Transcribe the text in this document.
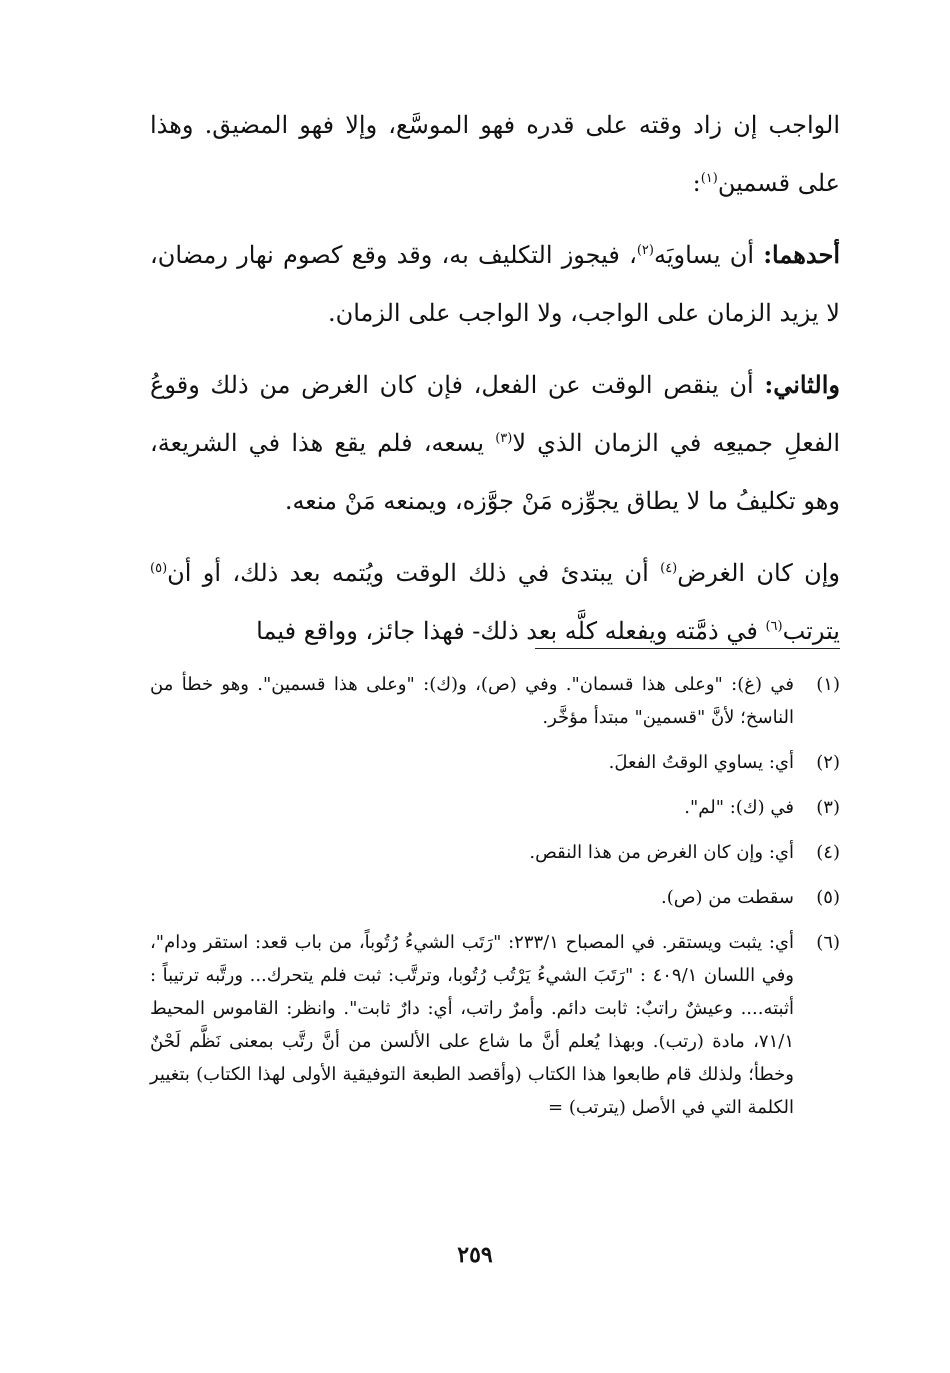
الواجب إن زاد وقته على قدره فهو الموسَّع، وإلا فهو المضيق. وهذا على قسمين$^{(١)}$:

أحدهما: أن يساويَه$^{(٢)}$، فيجوز التكليف به، وقد وقع كصوم نهار رمضان، لا يزيد الزمان على الواجب، ولا الواجب على الزمان.

والثاني: أن ينقص الوقت عن الفعل، فإن كان الغرض من ذلك وقوعُ الفعلِ جميعِه في الزمان الذي لا$^{(٣)}$ يسعه، فلم يقع هذا في الشريعة، وهو تكليفُ ما لا يطاق يجوِّزه مَنْ جوَّزه، ويمنعه مَنْ منعه.

وإن كان الغرض$^{(٤)}$ أن يبتدئ في ذلك الوقت ويُتمه بعد ذلك، أو أن$^{(٥)}$ يترتب$^{(٦)}$ في ذمَّته ويفعله كلَّه بعد ذلك- فهذا جائز، وواقع فيما

(١)في (غ): "وعلى هذا قسمان". وفي (ص)، و(ك): "وعلى هذا قسمين". وهو خطأ من الناسخ؛ لأنَّ "قسمين" مبتدأ مؤخَّر.
(٢)أي: يساوي الوقتُ الفعلَ.
(٣)في (ك): "لم".
(٤)أي: وإن كان الغرض من هذا النقص.
(٥)سقطت من (ص).
(٦)أي: يثبت ويستقر. في المصباح ٢٣٣/١: "رَتَب الشيءُ رُتُوباً، من باب قعد: استقر ودام"، وفي اللسان ٤٠٩/١ : "رَتَبَ الشيءُ يَرْتُب رُتُوبا، وترتَّب: ثبت فلم يتحرك... ورتَّبه ترتيباً : أثبته.... وعيشٌ راتبٌ: ثابت دائم. وأمرٌ راتب، أي: دارٌ ثابت". وانظر: القاموس المحيط ٧١/١، مادة (رتب). وبهذا يُعلم أنَّ ما شاع على الألسن من أنَّ رتَّب بمعنى نَظَّم لَحْنٌ وخطأ؛ ولذلك قام طابعوا هذا الكتاب (وأقصد الطبعة التوفيقية الأولى لهذا الكتاب) بتغيير الكلمة التي في الأصل (يترتب) =
٢٥٩
